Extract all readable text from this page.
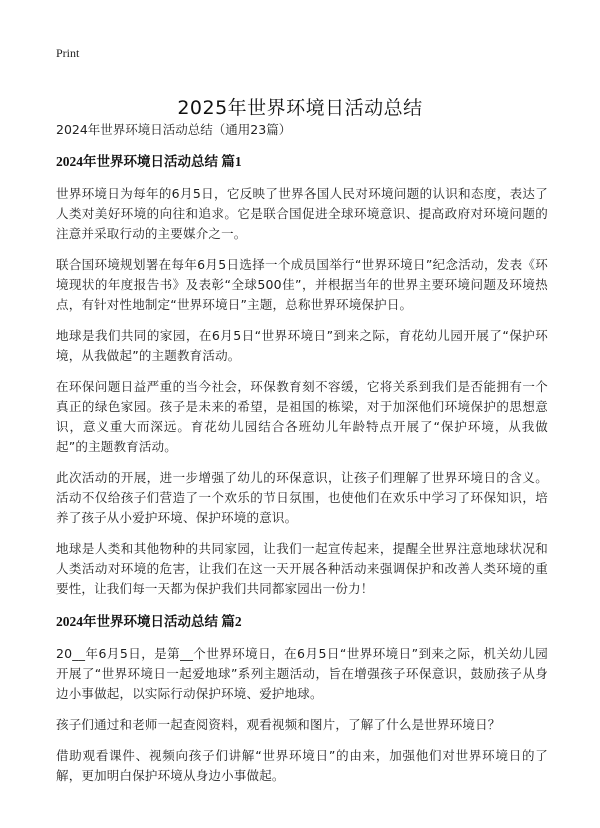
Print
2025年世界环境日活动总结
2024年世界环境日活动总结（通用23篇）
2024年世界环境日活动总结 篇1

世界环境日为每年的6月5日，它反映了世界各国人民对环境问题的认识和态度，表达了人类对美好环境的向往和追求。它是联合国促进全球环境意识、提高政府对环境问题的注意并采取行动的主要媒介之一。

联合国环境规划署在每年6月5日选择一个成员国举行“世界环境日”纪念活动，发表《环境现状的年度报告书》及表彰“全球500佳”，并根据当年的世界主要环境问题及环境热点，有针对性地制定“世界环境日”主题，总称世界环境保护日。

地球是我们共同的家园，在6月5日“世界环境日”到来之际，育花幼儿园开展了“保护环境，从我做起”的主题教育活动。

在环保问题日益严重的当今社会，环保教育刻不容缓，它将关系到我们是否能拥有一个真正的绿色家园。孩子是未来的希望，是祖国的栋梁，对于加深他们环境保护的思想意识，意义重大而深远。育花幼儿园结合各班幼儿年龄特点开展了“保护环境，从我做起”的主题教育活动。

此次活动的开展，进一步增强了幼儿的环保意识，让孩子们理解了世界环境日的含义。活动不仅给孩子们营造了一个欢乐的节日氛围，也使他们在欢乐中学习了环保知识，培养了孩子从小爱护环境、保护环境的意识。

地球是人类和其他物种的共同家园，让我们一起宣传起来，提醒全世界注意地球状况和人类活动对环境的危害，让我们在这一天开展各种活动来强调保护和改善人类环境的重要性，让我们每一天都为保护我们共同都家园出一份力！

2024年世界环境日活动总结 篇2

20__年6月5日，是第__个世界环境日，在6月5日“世界环境日”到来之际，机关幼儿园开展了“世界环境日一起爱地球”系列主题活动，旨在增强孩子环保意识，鼓励孩子从身边小事做起，以实际行动保护环境、爱护地球。

孩子们通过和老师一起查阅资料，观看视频和图片，了解了什么是世界环境日？

借助观看课件、视频向孩子们讲解“世界环境日”的由来，加强他们对世界环境日的了解，更加明白保护环境从身边小事做起。
